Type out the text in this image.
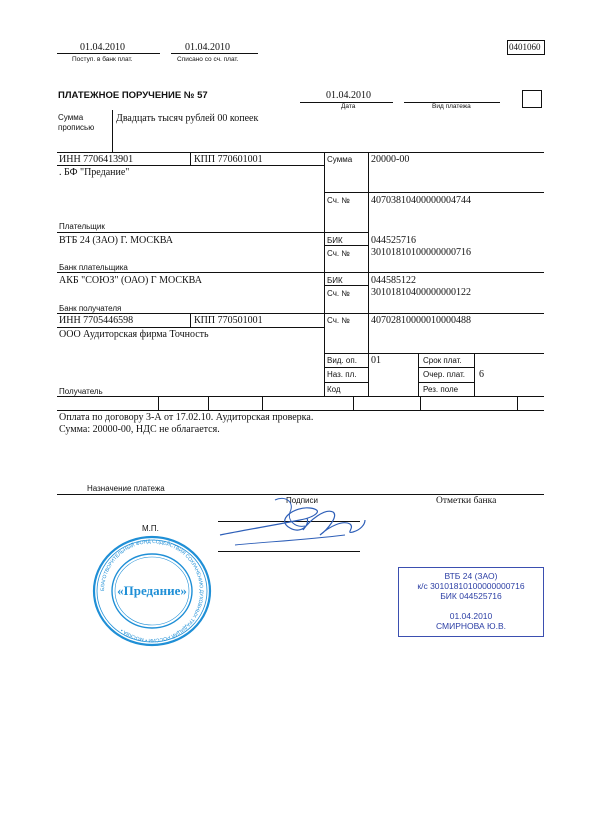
0401060
01.04.2010
Поступ. в банк плат.
01.04.2010
Списано со сч. плат.
ПЛАТЕЖНОЕ ПОРУЧЕНИЕ № 57	01.04.2010
Дата	Вид платежа
Сумма
прописью
Двадцать тысяч рублей 00 копеек
ИНН 7706413901	КПП 770601001
. БФ "Предание"
Плательщик
ВТБ 24 (ЗАО) Г. МОСКВА
Банк плательщика
АКБ "СОЮЗ" (ОАО) Г МОСКВА
Банк получателя
ИНН 7705446598	КПП 770501001
ООО Аудиторская фирма Точность
Получатель
Сумма 20000-00
Сч. № 40703810400000004744
БИК	044525716
Сч. № 30101810100000000716
БИК	044585122
Сч. № 30101810400000000122
Сч. № 40702810000010000488
Вид. оп. 01
Наз. пл.
Код
Срок плат.
Очер. плат. 6
Рез. поле
Оплата по договору 3-А от 17.02.10. Аудиторская проверка.
Сумма: 20000-00, НДС не облагается.
Назначение платежа
Подписи	Отметки банка
М.П.
БЛАГОТВОРИТЕЛЬНЫЙ ФОНД СОДЕЙСТВИЯ СОХРАНЕНИЮ ДУХОВНЫХ ТРАДИЦИЙ РОССИИ • МОСКВА •
«Предание»
ВТБ 24 (ЗАО)
к/с 30101810100000000716
БИК 044525716
01.04.2010
СМИРНОВА Ю.В.
